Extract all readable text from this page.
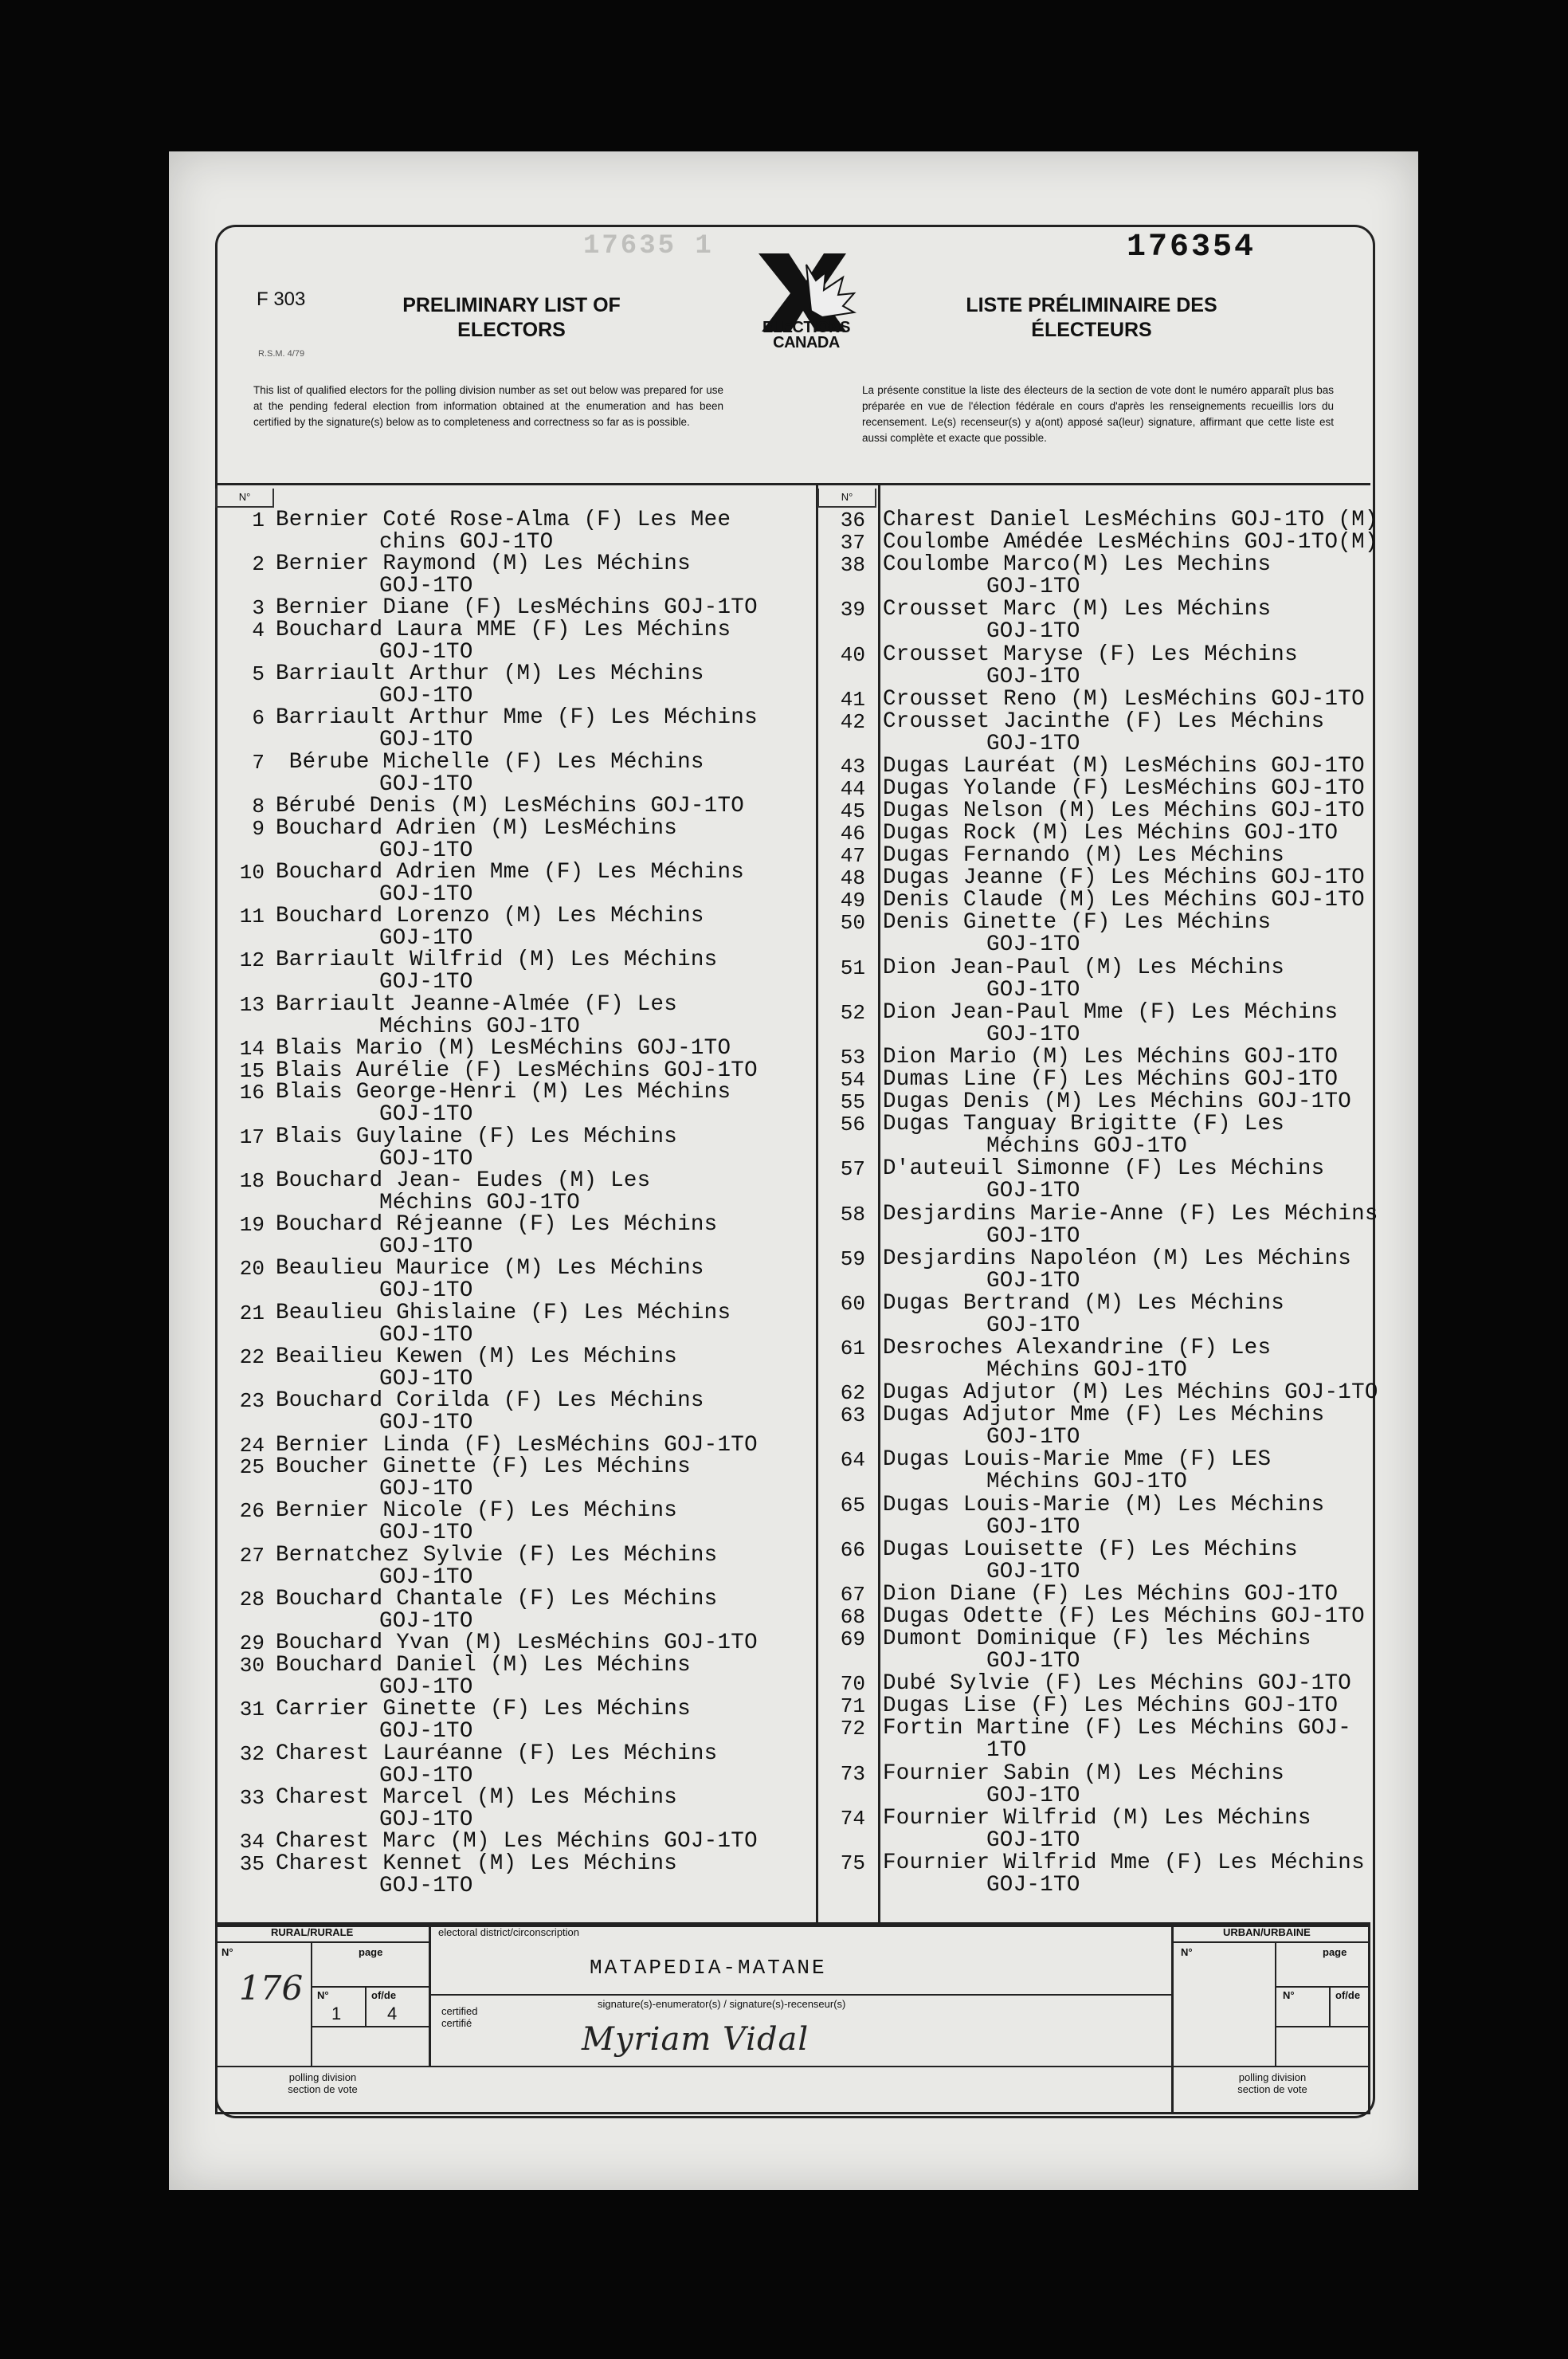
17635 1	176354
F 303
R.S.M. 4/79
PRELIMINARY LIST OF
ELECTORS
LISTE PRÉLIMINAIRE DES
ÉLECTEURS
ELECTIONS
CANADA
This list of qualified electors for the polling division number as set out below was prepared for use at the pending federal election from information obtained at the enumeration and has been certified by the signature(s) below as to completeness and correctness so far as is possible.
La présente constitue la liste des électeurs de la section de vote dont le numéro apparaît plus bas préparée en vue de l'élection fédérale en cours d'après les renseignements recueillis lors du recensement. Le(s) recenseur(s) y a(ont) apposé sa(leur) signature, affirmant que cette liste est aussi complète et exacte que possible.
N°	N°
1 Bernier Coté Rose-Alma (F) Les Mee
chins GOJ-1TO
2 Bernier Raymond (M) Les Méchins
GOJ-1TO
3 Bernier Diane (F) LesMéchins GOJ-1TO
4 Bouchard Laura MME (F) Les Méchins
GOJ-1TO
5 Barriault Arthur (M) Les Méchins
GOJ-1TO
6 Barriault Arthur Mme (F) Les Méchins
GOJ-1TO
7 Bérube Michelle (F) Les Méchins
GOJ-1TO
8 Bérubé Denis (M) LesMéchins GOJ-1TO
9 Bouchard Adrien (M) LesMéchins
GOJ-1TO
10 Bouchard Adrien Mme (F) Les Méchins
GOJ-1TO
11 Bouchard Lorenzo (M) Les Méchins
GOJ-1TO
12 Barriault Wilfrid (M) Les Méchins
GOJ-1TO
13 Barriault Jeanne-Almée (F) Les
Méchins GOJ-1TO
14 Blais Mario (M) LesMéchins GOJ-1TO
15 Blais Aurélie (F) LesMéchins GOJ-1TO
16 Blais George-Henri (M) Les Méchins
GOJ-1TO
17 Blais Guylaine (F) Les Méchins
GOJ-1TO
18 Bouchard Jean- Eudes (M) Les
Méchins GOJ-1TO
19 Bouchard Réjeanne (F) Les Méchins
GOJ-1TO
20 Beaulieu Maurice (M) Les Méchins
GOJ-1TO
21 Beaulieu Ghislaine (F) Les Méchins
GOJ-1TO
22 Beailieu Kewen (M) Les Méchins
GOJ-1TO
23 Bouchard Corilda (F) Les Méchins
GOJ-1TO
24 Bernier Linda (F) LesMéchins GOJ-1TO
25 Boucher Ginette (F) Les Méchins
GOJ-1TO
26 Bernier Nicole (F) Les Méchins
GOJ-1TO
27 Bernatchez Sylvie (F) Les Méchins
GOJ-1TO
28 Bouchard Chantale (F) Les Méchins
GOJ-1TO
29 Bouchard Yvan (M) LesMéchins GOJ-1TO
30 Bouchard Daniel (M) Les Méchins
GOJ-1TO
31 Carrier Ginette (F) Les Méchins
GOJ-1TO
32 Charest Lauréanne (F) Les Méchins
GOJ-1TO
33 Charest Marcel (M) Les Méchins
GOJ-1TO
34 Charest Marc (M) Les Méchins GOJ-1TO
35 Charest Kennet (M) Les Méchins
GOJ-1TO
36 Charest Daniel LesMéchins GOJ-1TO (M)
37 Coulombe Amédée LesMéchins GOJ-1TO(M)
38 Coulombe Marco(M) Les Mechins
GOJ-1TO
39 Crousset Marc (M) Les Méchins
GOJ-1TO
40 Crousset Maryse (F) Les Méchins
GOJ-1TO
41 Crousset Reno (M) LesMéchins GOJ-1TO
42 Crousset Jacinthe (F) Les Méchins
GOJ-1TO
43 Dugas Lauréat (M) LesMéchins GOJ-1TO
44 Dugas Yolande (F) LesMéchins GOJ-1TO
45 Dugas Nelson (M) Les Méchins GOJ-1TO
46 Dugas Rock (M) Les Méchins GOJ-1TO
47 Dugas Fernando (M) Les Méchins
48 Dugas Jeanne (F) Les Méchins GOJ-1TO
49 Denis Claude (M) Les Méchins GOJ-1TO
50 Denis Ginette (F) Les Méchins
GOJ-1TO
51 Dion Jean-Paul (M) Les Méchins
GOJ-1TO
52 Dion Jean-Paul Mme (F) Les Méchins
GOJ-1TO
53 Dion Mario (M) Les Méchins GOJ-1TO
54 Dumas Line (F) Les Méchins GOJ-1TO
55 Dugas Denis (M) Les Méchins GOJ-1TO
56 Dugas Tanguay Brigitte (F) Les
Méchins GOJ-1TO
57 D'auteuil Simonne (F) Les Méchins
GOJ-1TO
58 Desjardins Marie-Anne (F) Les Méchins
GOJ-1TO
59 Desjardins Napoléon (M) Les Méchins
GOJ-1TO
60 Dugas Bertrand (M) Les Méchins
GOJ-1TO
61 Desroches Alexandrine (F) Les
Méchins GOJ-1TO
62 Dugas Adjutor (M) Les Méchins GOJ-1TO
63 Dugas Adjutor Mme (F) Les Méchins
GOJ-1TO
64 Dugas Louis-Marie Mme (F) LES
Méchins GOJ-1TO
65 Dugas Louis-Marie (M) Les Méchins
GOJ-1TO
66 Dugas Louisette (F) Les Méchins
GOJ-1TO
67 Dion Diane (F) Les Méchins GOJ-1TO
68 Dugas Odette (F) Les Méchins GOJ-1TO
69 Dumont Dominique (F) les Méchins
GOJ-1TO
70 Dubé Sylvie (F) Les Méchins GOJ-1TO
71 Dugas Lise (F) Les Méchins GOJ-1TO
72 Fortin Martine (F) Les Méchins GOJ-
1TO
73 Fournier Sabin (M) Les Méchins
GOJ-1TO
74 Fournier Wilfrid (M) Les Méchins
GOJ-1TO
75 Fournier Wilfrid Mme (F) Les Méchins
GOJ-1TO
RURAL/RURALE	URBAN/URBAINE
electoral district/circonscription
MATAPEDIA-MATANE
N°	page
N°	of/de
176
1	4
polling division
section de vote
N°	page
N°	of/de
polling division
section de vote
certified
certifié
signature(s)-enumerator(s) / signature(s)-recenseur(s)
Myriam Vidal
